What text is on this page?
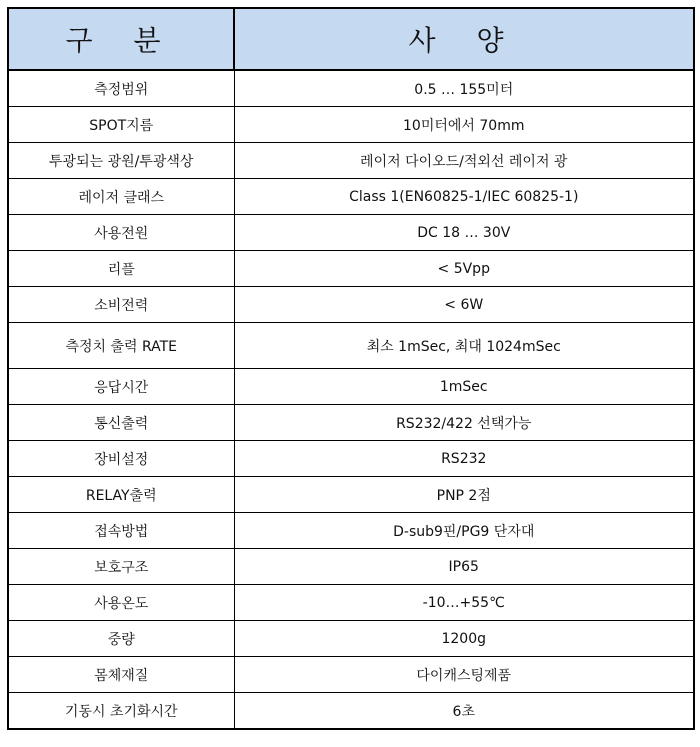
구 분	사 양
측정범위	0.5 … 155미터
SPOT지름	10미터에서 70mm
투광되는 광원/투광색상	레이저 다이오드/적외선 레이저 광
레이저 클래스	Class 1(EN60825-1/IEC 60825-1)
사용전원	DC 18 … 30V
리플	< 5Vpp
소비전력	< 6W
측정치 출력 RATE	최소 1mSec, 최대 1024mSec
응답시간	1mSec
통신출력	RS232/422 선택가능
장비설정	RS232
RELAY출력	PNP 2점
접속방법	D-sub9핀/PG9 단자대
보호구조	IP65
사용온도	-10…+55℃
중량	1200g
몸체재질	다이캐스팅제품
기동시 초기화시간	6초
